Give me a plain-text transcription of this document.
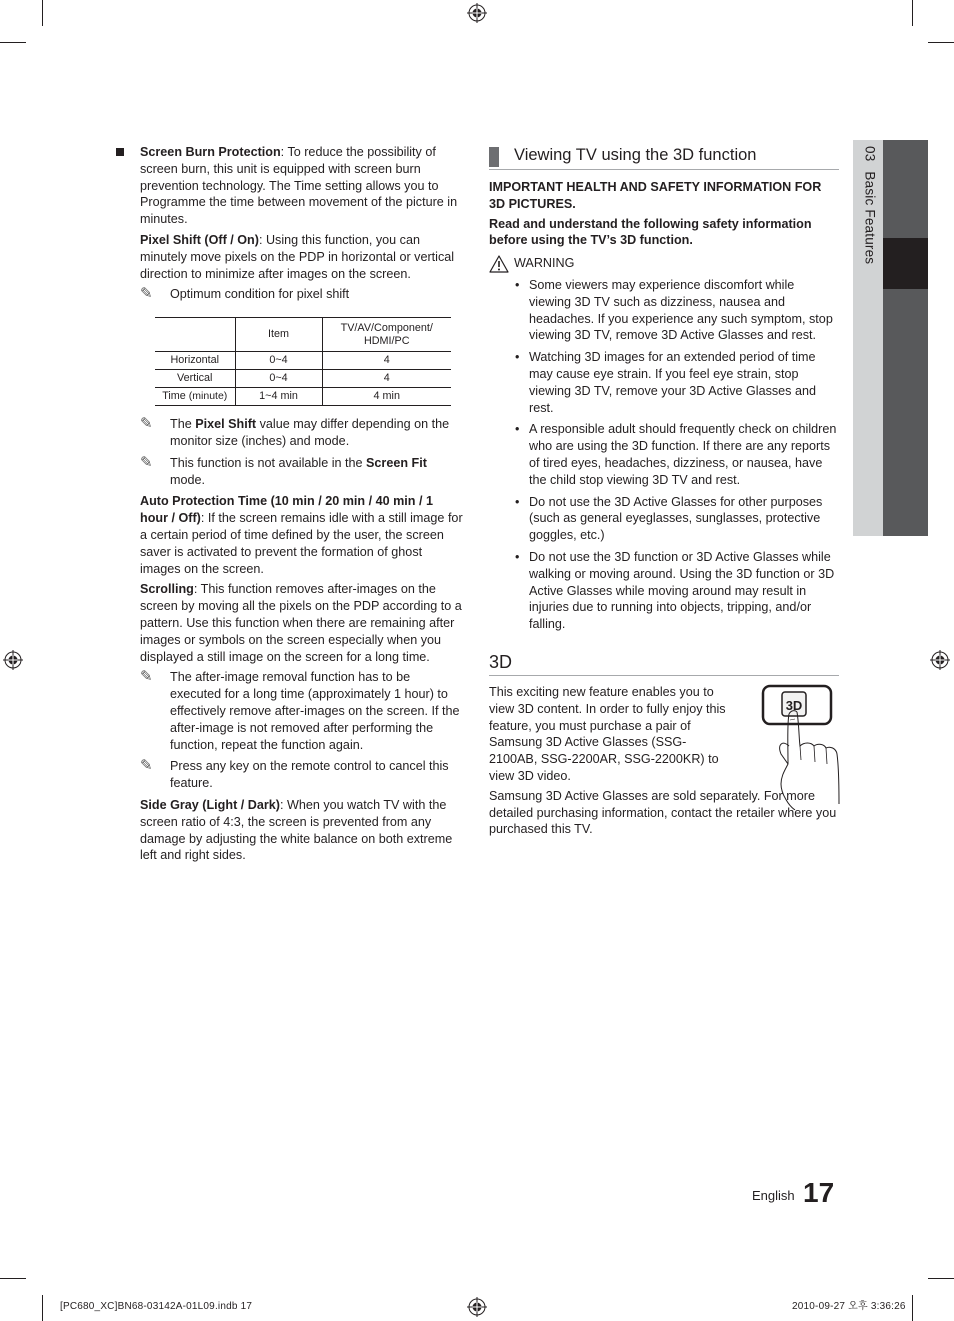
03Basic Features

Screen Burn Protection: To reduce the possibility of screen burn, this unit is equipped with screen burn prevention technology. The Time setting allows you to Programme the time between movement of the picture in minutes.

Pixel Shift (Off / On): Using this function, you can minutely move pixels on the PDP in horizontal or vertical direction to minimize after images on the screen.

✎ Optimum condition for pixel shift
	Item	TV/AV/Component/ HDMI/PC
Horizontal	0~4	4
Vertical	0~4	4
Time (minute)	1~4 min	4 min
✎ The Pixel Shift value may differ depending on the monitor size (inches) and mode.
✎ This function is not available in the Screen Fit mode.

Auto Protection Time (10 min / 20 min / 40 min / 1 hour / Off): If the screen remains idle with a still image for a certain period of time defined by the user, the screen saver is activated to prevent the formation of ghost images on the screen.

Scrolling: This function removes after-images on the screen by moving all the pixels on the PDP according to a pattern. Use this function when there are remaining after images or symbols on the screen especially when you displayed a still image on the screen for a long time.

✎ The after-image removal function has to be executed for a long time (approximately 1 hour) to effectively remove after-images on the screen. If the after-image is not removed after performing the function, repeat the function again.
✎ Press any key on the remote control to cancel this feature.

Side Gray (Light / Dark): When you watch TV with the screen ratio of 4:3, the screen is prevented from any damage by adjusting the white balance on both extreme left and right sides.

Viewing TV using the 3D function

IMPORTANT HEALTH AND SAFETY INFORMATION FOR 3D PICTURES.

Read and understand the following safety information before using the TV’s 3D function.

WARNING
• Some viewers may experience discomfort while viewing 3D TV such as dizziness, nausea and headaches. If you experience any such symptom, stop viewing 3D TV, remove 3D Active Glasses and rest.
• Watching 3D images for an extended period of time may cause eye strain. If you feel eye strain, stop viewing 3D TV, remove your 3D Active Glasses and rest.
• A responsible adult should frequently check on children who are using the 3D function. If there are any reports of tired eyes, headaches, dizziness, or nausea, have the child stop viewing 3D TV and rest.
• Do not use the 3D Active Glasses for other purposes (such as general eyeglasses, sunglasses, protective goggles, etc.)
• Do not use the 3D function or 3D Active Glasses while walking or moving around. Using the 3D function or 3D Active Glasses while moving around may result in injuries due to running into objects, tripping, and/or falling.
3D

This exciting new feature enables you to view 3D content. In order to fully enjoy this feature, you must purchase a pair of Samsung 3D Active Glasses (SSG-2100AB, SSG-2200AR, SSG-2200KR) to view 3D video.

Samsung 3D Active Glasses are sold separately. For more detailed purchasing information, contact the retailer where you purchased this TV.

3D
English 17
[PC680_XC]BN68-03142A-01L09.indb 17	2010-09-27 오후 3:36:26
